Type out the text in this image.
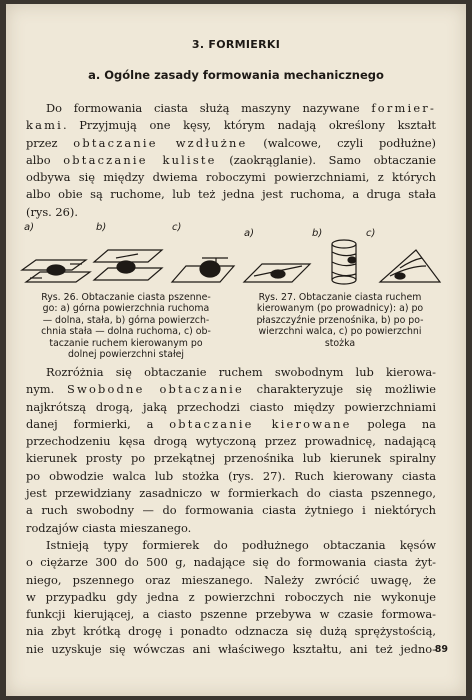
3. FORMIERKI
a. Ogólne zasady formowania mechanicznego
Do formowania ciasta służą maszyny nazywane formier-
kami. Przyjmują one kęsy, którym nadają określony kształt
przez obtaczanie wzdłużne (walcowe, czyli podłużne)
albo obtaczanie kuliste (zaokrąglanie). Samo obtaczanie
odbywa się między dwiema roboczymi powierzchniami, z których
albo obie są ruchome, lub też jedna jest ruchoma, a druga stała
(rys. 26).
a)	b)	c)
a)	b)	c)
Rys. 26. Obtaczanie ciasta pszenne-
go: a) górna powierzchnia ruchoma
— dolna, stała, b) górna powierzch-
chnia stała — dolna ruchoma, c) ob-
taczanie ruchem kierowanym po
dolnej powierzchni stałej
Rys. 27. Obtaczanie ciasta ruchem
kierowanym (po prowadnicy): a) po
płaszczyźnie przenośnika, b) po po-
wierzchni walca, c) po powierzchni
stożka
Rozróżnia się obtaczanie ruchem swobodnym lub kierowa-
nym. Swobodne obtaczanie charakteryzuje się możliwie
najkrótszą drogą, jaką przechodzi ciasto między powierzchniami
danej formierki, a obtaczanie kierowane polega na
przechodzeniu kęsa drogą wytyczoną przez prowadnicę, nadającą
kierunek prosty po przekątnej przenośnika lub kierunek spiralny
po obwodzie walca lub stożka (rys. 27). Ruch kierowany ciasta
jest przewidziany zasadniczo w formierkach do ciasta pszennego,
a ruch swobodny — do formowania ciasta żytniego i niektórych
rodzajów ciasta mieszanego.
Istnieją typy formierek do podłużnego obtaczania kęsów
o ciężarze 300 do 500 g, nadające się do formowania ciasta żyt-
niego, pszennego oraz mieszanego. Należy zwrócić uwagę, że
w przypadku gdy jedna z powierzchni roboczych nie wykonuje
funkcji kierującej, a ciasto pszenne przebywa w czasie formowa-
nia zbyt krótką drogę i ponadto odznacza się dużą sprężystością,
nie uzyskuje się wówczas ani właściwego kształtu, ani też jedno-
89
